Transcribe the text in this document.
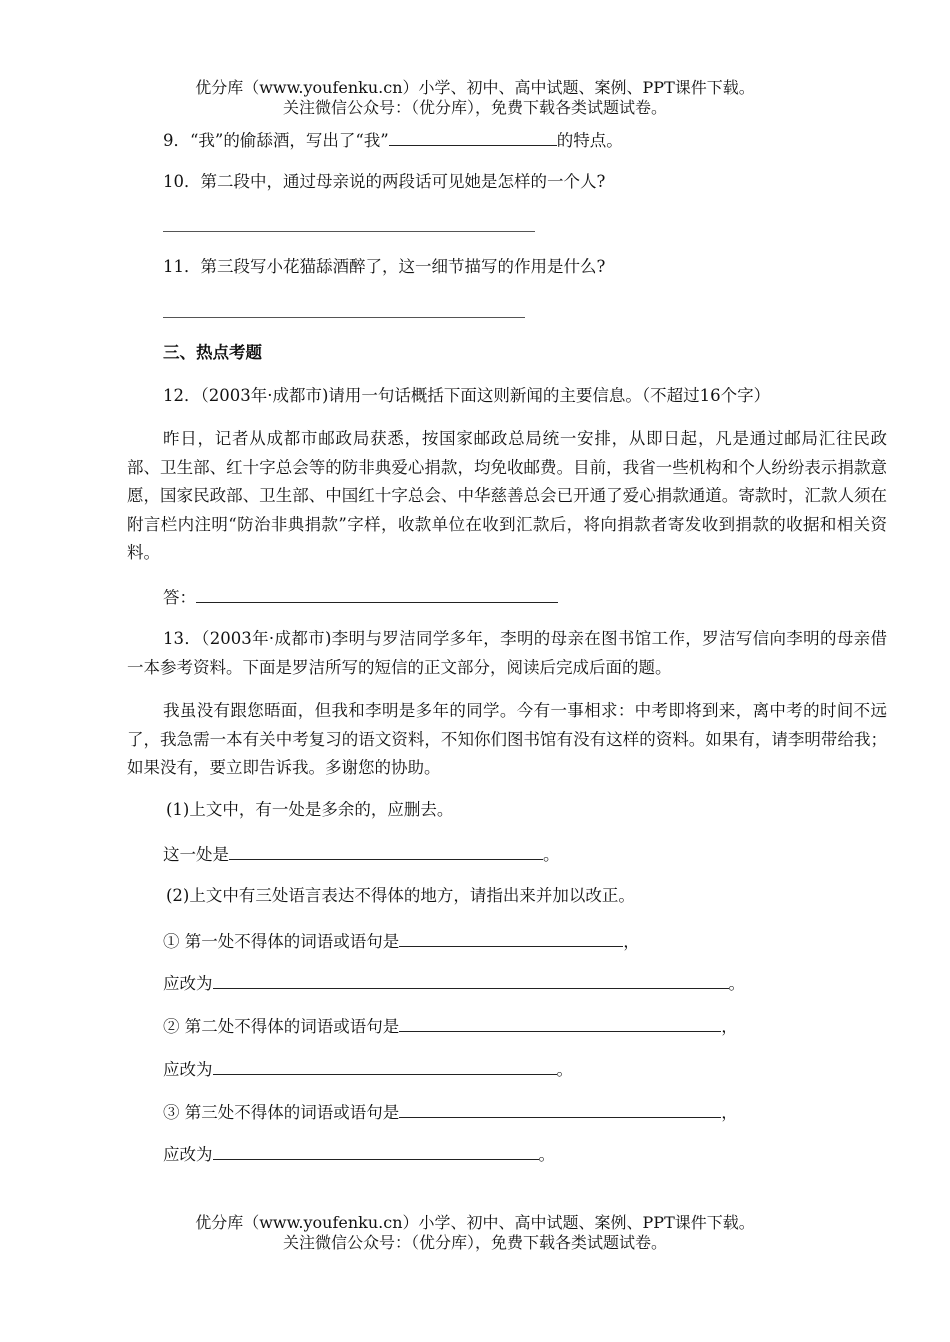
优分库（www.youfenku.cn）小学、初中、高中试题、案例、PPT课件下载。
关注微信公众号：（优分库），免费下载各类试题试卷。
9．“我”的偷舔酒，写出了“我”	的特点。
10．第二段中，通过母亲说的两段话可见她是怎样的一个人?
11．第三段写小花猫舔酒醉了，这一细节描写的作用是什么?
三、热点考题
12．（2003年·成都市)请用一句话概括下面这则新闻的主要信息。（不超过16个字）
昨日，记者从成都市邮政局获悉，按国家邮政总局统一安排，从即日起，凡是通过邮局汇往民政部、卫生部、红十字总会等的防非典爱心捐款，均免收邮费。目前，我省一些机构和个人纷纷表示捐款意愿，国家民政部、卫生部、中国红十字总会、中华慈善总会已开通了爱心捐款通道。寄款时，汇款人须在附言栏内注明“防治非典捐款”字样，收款单位在收到汇款后，将向捐款者寄发收到捐款的收据和相关资料。
答：
13．（2003年·成都市)李明与罗洁同学多年，李明的母亲在图书馆工作，罗洁写信向李明的母亲借一本参考资料。下面是罗洁所写的短信的正文部分，阅读后完成后面的题。
我虽没有跟您晤面，但我和李明是多年的同学。今有一事相求：中考即将到来，离中考的时间不远了，我急需一本有关中考复习的语文资料，不知你们图书馆有没有这样的资料。如果有，请李明带给我；如果没有，要立即告诉我。多谢您的协助。
(1)上文中，有一处是多余的，应删去。
这一处是	。
(2)上文中有三处语言表达不得体的地方，请指出来并加以改正。
① 第一处不得体的词语或语句是	，
应改为	。
② 第二处不得体的词语或语句是	，
应改为	。
③ 第三处不得体的词语或语句是	，
应改为	。
优分库（www.youfenku.cn）小学、初中、高中试题、案例、PPT课件下载。
关注微信公众号：（优分库），免费下载各类试题试卷。
